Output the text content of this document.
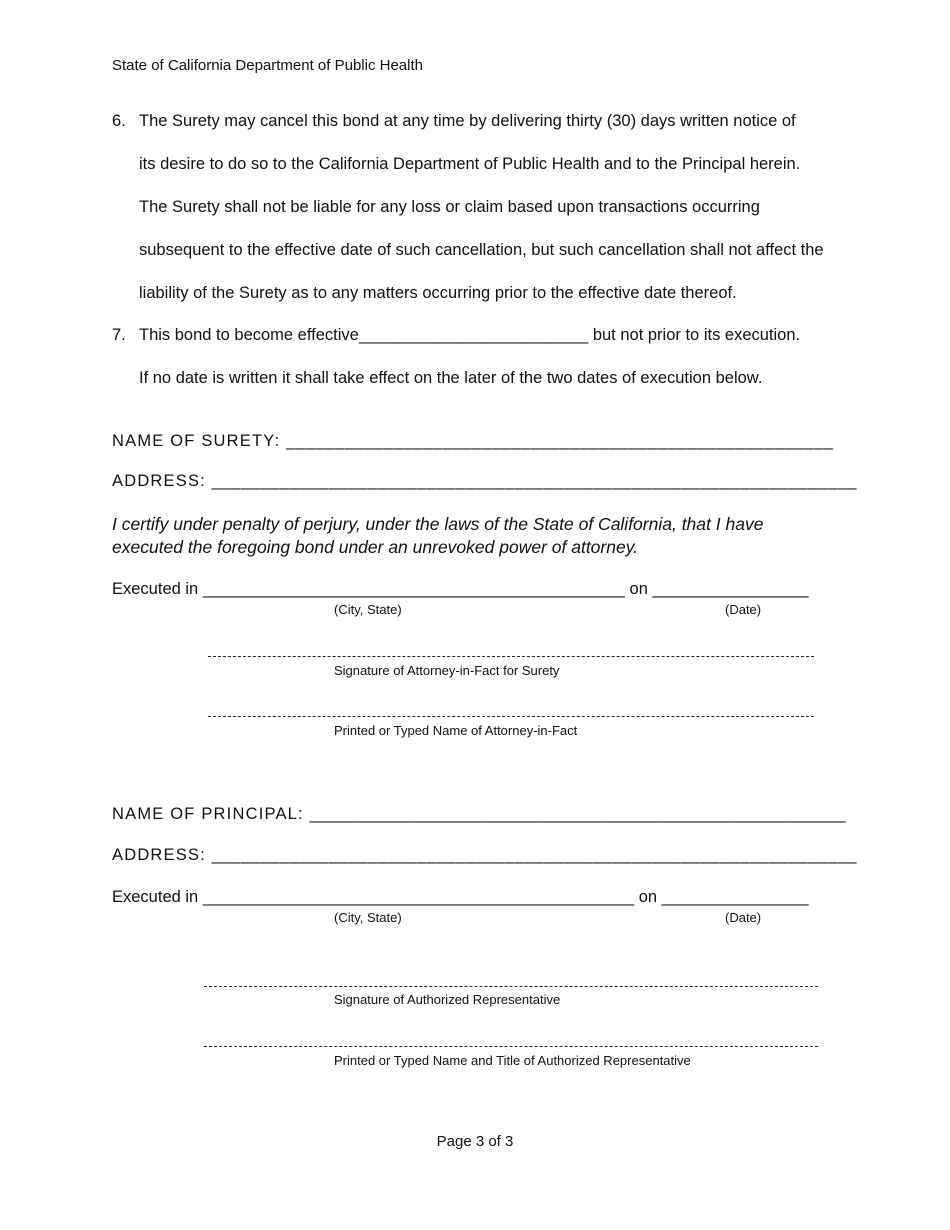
State of California Department of Public Health
6. The Surety may cancel this bond at any time by delivering thirty (30) days written notice of
its desire to do so to the California Department of Public Health and to the Principal herein.
The Surety shall not be liable for any loss or claim based upon transactions occurring
subsequent to the effective date of such cancellation, but such cancellation shall not affect the
liability of the Surety as to any matters occurring prior to the effective date thereof.
7. This bond to become effective_________________________ but not prior to its execution.
If no date is written it shall take effect on the later of the two dates of execution below.
NAME OF SURETY: ________________________________________________________
ADDRESS: __________________________________________________________________
I certify under penalty of perjury, under the laws of the State of California, that I have
executed the foregoing bond under an unrevoked power of attorney.
Executed in ______________________________________________ on _________________
(City, State)	(Date)
Signature of Attorney-in-Fact for Surety
Printed or Typed Name of Attorney-in-Fact
NAME OF PRINCIPAL: ________________________________________________________
ADDRESS: __________________________________________________________________
Executed in _______________________________________________ on ________________
(City, State)	(Date)
Signature of Authorized Representative
Printed or Typed Name and Title of Authorized Representative
Page 3 of 3
